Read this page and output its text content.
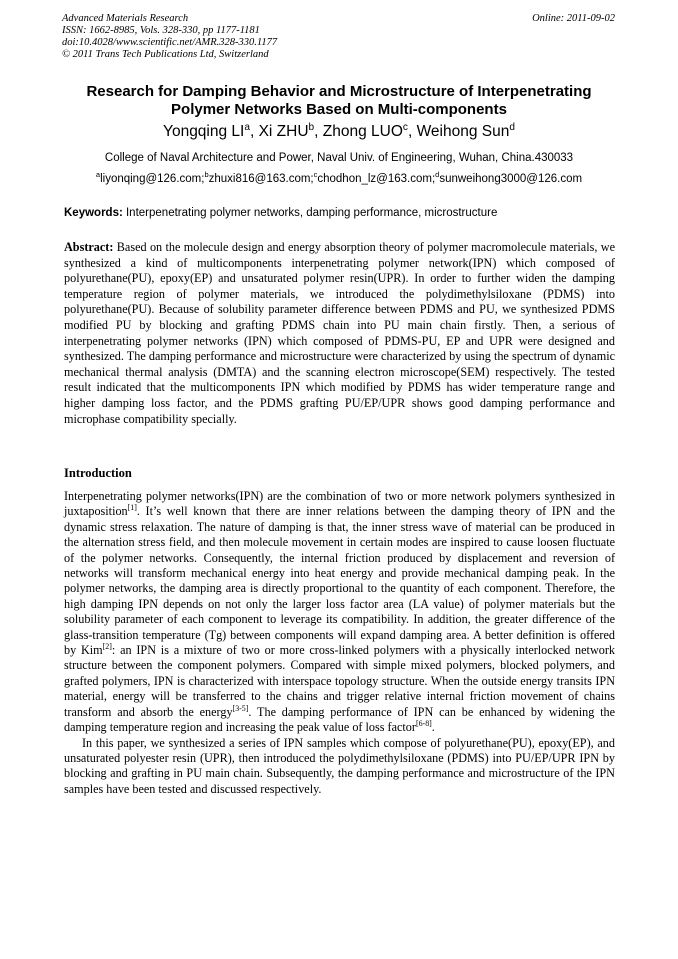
Advanced Materials Research
ISSN: 1662-8985, Vols. 328-330, pp 1177-1181
doi:10.4028/www.scientific.net/AMR.328-330.1177
© 2011 Trans Tech Publications Ltd, Switzerland
Online: 2011-09-02
Research for Damping Behavior and Microstructure of Interpenetrating
Polymer Networks Based on Multi-components
Yongqing $LI^a$, Xi ZHU$^b$, Zhong LUO$^c$, Weihong Sun$^d$
College of Naval Architecture and Power, Naval Univ. of Engineering, Wuhan, China.430033
$^a$liyonqing@126.com;$^b$zhuxi816@163.com;$^c$chodhon_lz@163.com;$^d$sunweihong3000@126.com
Keywords: Interpenetrating polymer networks, damping performance, microstructure
Abstract: Based on the molecule design and energy absorption theory of polymer macromolecule materials, we synthesized a kind of multicomponents interpenetrating polymer network(IPN) which composed of polyurethane(PU), epoxy(EP) and unsaturated polymer resin(UPR). In order to further widen the damping temperature region of polymer materials, we introduced the polydimethylsiloxane (PDMS) into polyurethane(PU). Because of solubility parameter difference between PDMS and PU, we synthesized PDMS modified PU by blocking and grafting PDMS chain into PU main chain firstly. Then, a serious of interpenetrating polymer networks (IPN) which composed of PDMS-PU, EP and UPR were designed and synthesized. The damping performance and microstructure were characterized by using the spectrum of dynamic mechanical thermal analysis (DMTA) and the scanning electron microscope(SEM) respectively. The tested result indicated that the multicomponents IPN which modified by PDMS has wider temperature range and higher damping loss factor, and the PDMS grafting PU/EP/UPR shows good damping performance and microphase compatibility specially.
Introduction

Interpenetrating polymer networks(IPN) are the combination of two or more network polymers synthesized in juxtaposition[1]. It’s well known that there are inner relations between the damping theory of IPN and the dynamic stress relaxation. The nature of damping is that, the inner stress wave of material can be produced in the alternation stress field, and then molecule movement in certain modes are inspired to cause loosen fluctuate of the polymer networks. Consequently, the internal friction produced by displacement and reversion of networks will transform mechanical energy into heat energy and provide mechanical damping peak. In the polymer networks, the damping area is directly proportional to the quantity of each component. Therefore, the high damping IPN depends on not only the larger loss factor area (LA value) of polymer materials but the solubility parameter of each component to leverage its compatibility. In addition, the greater difference of the glass-transition temperature (Tg) between components will expand damping area. A better definition is offered by Kim[2]: an IPN is a mixture of two or more cross-linked polymers with a physically interlocked network structure between the component polymers. Compared with simple mixed polymers, blocked polymers, and grafted polymers, IPN is characterized with interspace topology structure. When the outside energy transits IPN material, energy will be transferred to the chains and trigger relative internal friction movement of chains transform and absorb the energy[3-5]. The damping performance of IPN can be enhanced by widening the damping temperature region and increasing the peak value of loss factor[6-8].

In this paper, we synthesized a series of IPN samples which compose of polyurethane(PU), epoxy(EP), and unsaturated polyester resin (UPR), then introduced the polydimethylsiloxane (PDMS) into PU/EP/UPR IPN by blocking and grafting in PU main chain. Subsequently, the damping performance and microstructure of the IPN samples have been tested and discussed respectively.
